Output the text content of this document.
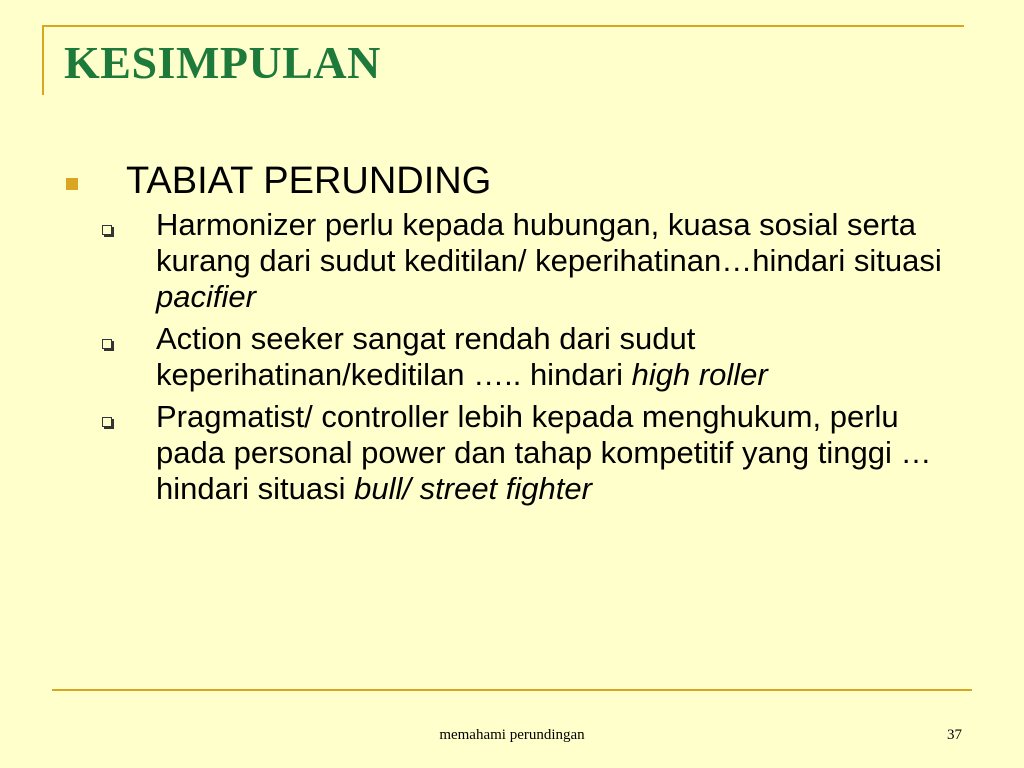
KESIMPULAN
TABIAT PERUNDING
Harmonizer perlu kepada hubungan, kuasa sosial serta kurang dari sudut keditilan/ keperihatinan…hindari situasi pacifier
Action seeker sangat rendah dari sudut keperihatinan/keditilan ….. hindari high roller
Pragmatist/ controller lebih kepada menghukum, perlu pada personal power dan tahap kompetitif yang tinggi …hindari situasi bull/ street fighter
memahami perundingan	37
